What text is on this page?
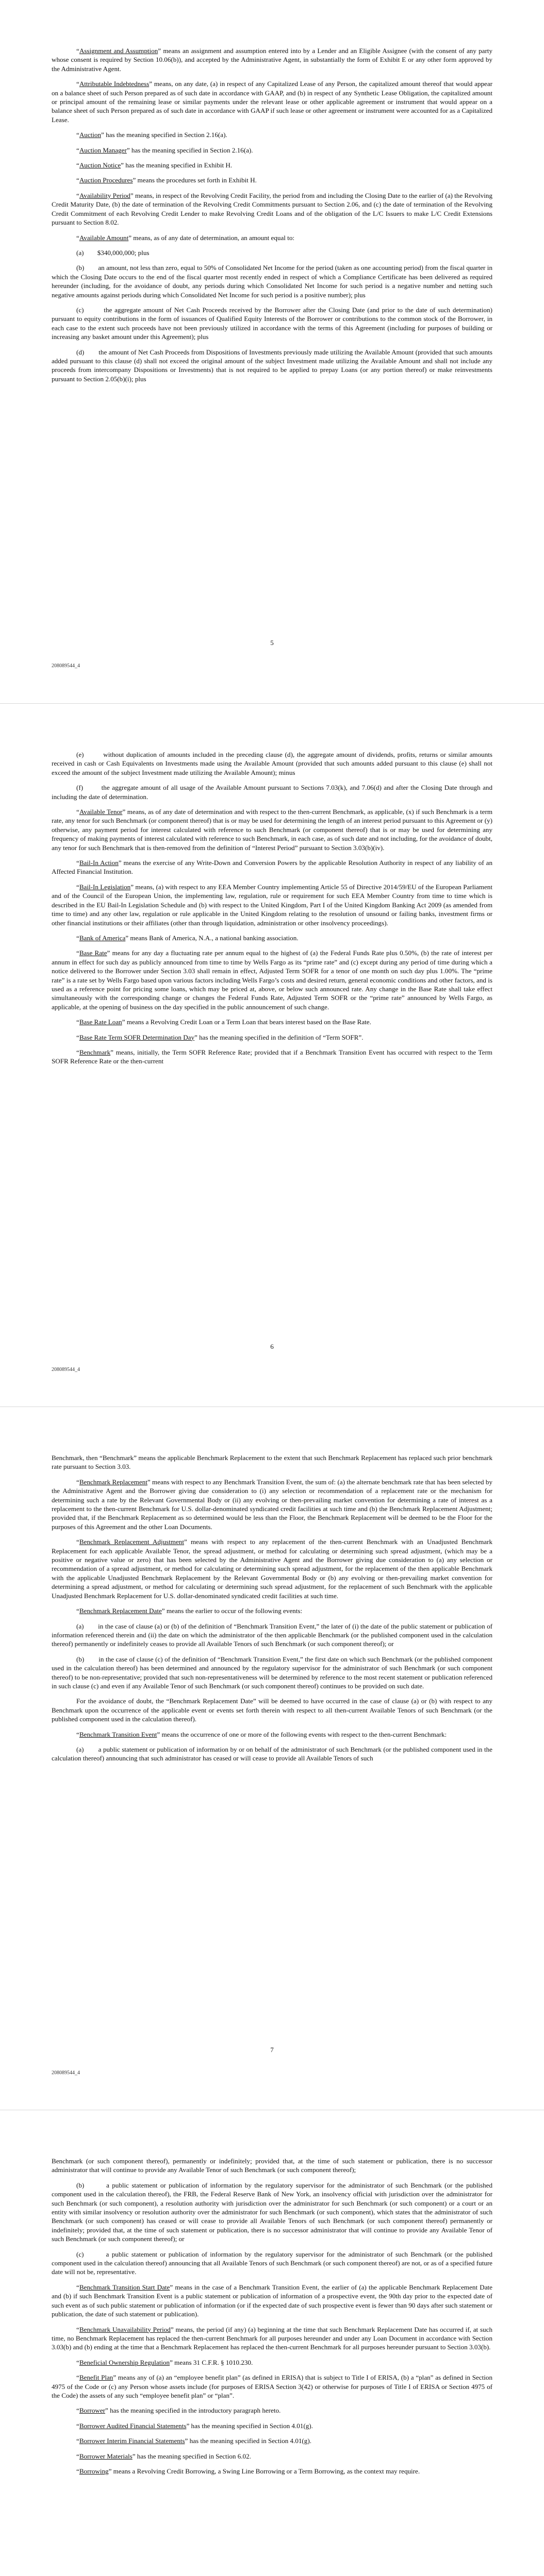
“Assignment and Assumption” means an assignment and assumption entered into by a Lender and an Eligible Assignee (with the consent of any party whose consent is required by Section 10.06(b)), and accepted by the Administrative Agent, in substantially the form of Exhibit E or any other form approved by the Administrative Agent.

“Attributable Indebtedness” means, on any date, (a) in respect of any Capitalized Lease of any Person, the capitalized amount thereof that would appear on a balance sheet of such Person prepared as of such date in accordance with GAAP, and (b) in respect of any Synthetic Lease Obligation, the capitalized amount or principal amount of the remaining lease or similar payments under the relevant lease or other applicable agreement or instrument that would appear on a balance sheet of such Person prepared as of such date in accordance with GAAP if such lease or other agreement or instrument were accounted for as a Capitalized Lease.

“Auction” has the meaning specified in Section 2.16(a).

“Auction Manager” has the meaning specified in Section 2.16(a).

“Auction Notice” has the meaning specified in Exhibit H.

“Auction Procedures” means the procedures set forth in Exhibit H.

“Availability Period” means, in respect of the Revolving Credit Facility, the period from and including the Closing Date to the earlier of (a) the Revolving Credit Maturity Date, (b) the date of termination of the Revolving Credit Commitments pursuant to Section 2.06, and (c) the date of termination of the Revolving Credit Commitment of each Revolving Credit Lender to make Revolving Credit Loans and of the obligation of the L/C Issuers to make L/C Credit Extensions pursuant to Section 8.02.

“Available Amount” means, as of any date of determination, an amount equal to:

(a)        $340,000,000; plus

(b)        an amount, not less than zero, equal to 50% of Consolidated Net Income for the period (taken as one accounting period) from the fiscal quarter in which the Closing Date occurs to the end of the fiscal quarter most recently ended in respect of which a Compliance Certificate has been delivered as required hereunder (including, for the avoidance of doubt, any periods during which Consolidated Net Income for such period is a negative number and netting such negative amounts against periods during which Consolidated Net Income for such period is a positive number); plus

(c)        the aggregate amount of Net Cash Proceeds received by the Borrower after the Closing Date (and prior to the date of such determination) pursuant to equity contributions in the form of issuances of Qualified Equity Interests of the Borrower or contributions to the common stock of the Borrower, in each case to the extent such proceeds have not been previously utilized in accordance with the terms of this Agreement (including for purposes of building or increasing any basket amount under this Agreement); plus

(d)        the amount of Net Cash Proceeds from Dispositions of Investments previously made utilizing the Available Amount (provided that such amounts added pursuant to this clause (d) shall not exceed the original amount of the subject Investment made utilizing the Available Amount and shall not include any proceeds from intercompany Dispositions or Investments) that is not required to be applied to prepay Loans (or any portion thereof) or make reinvestments pursuant to Section 2.05(b)(i); plus

5
208089544_4

(e)        without duplication of amounts included in the preceding clause (d), the aggregate amount of dividends, profits, returns or similar amounts received in cash or Cash Equivalents on Investments made using the Available Amount (provided that such amounts added pursuant to this clause (e) shall not exceed the amount of the subject Investment made utilizing the Available Amount); minus

(f)        the aggregate amount of all usage of the Available Amount pursuant to Sections 7.03(k), and 7.06(d) and after the Closing Date through and including the date of determination.

“Available Tenor” means, as of any date of determination and with respect to the then-current Benchmark, as applicable, (x) if such Benchmark is a term rate, any tenor for such Benchmark (or component thereof) that is or may be used for determining the length of an interest period pursuant to this Agreement or (y) otherwise, any payment period for interest calculated with reference to such Benchmark (or component thereof) that is or may be used for determining any frequency of making payments of interest calculated with reference to such Benchmark, in each case, as of such date and not including, for the avoidance of doubt, any tenor for such Benchmark that is then-removed from the definition of “Interest Period” pursuant to Section 3.03(b)(iv).

“Bail-In Action” means the exercise of any Write-Down and Conversion Powers by the applicable Resolution Authority in respect of any liability of an Affected Financial Institution.

“Bail-In Legislation” means, (a) with respect to any EEA Member Country implementing Article 55 of Directive 2014/59/EU of the European Parliament and of the Council of the European Union, the implementing law, regulation, rule or requirement for such EEA Member Country from time to time which is described in the EU Bail-In Legislation Schedule and (b) with respect to the United Kingdom, Part I of the United Kingdom Banking Act 2009 (as amended from time to time) and any other law, regulation or rule applicable in the United Kingdom relating to the resolution of unsound or failing banks, investment firms or other financial institutions or their affiliates (other than through liquidation, administration or other insolvency proceedings).

“Bank of America” means Bank of America, N.A., a national banking association.

“Base Rate” means for any day a fluctuating rate per annum equal to the highest of (a) the Federal Funds Rate plus 0.50%, (b) the rate of interest per annum in effect for such day as publicly announced from time to time by Wells Fargo as its “prime rate” and (c) except during any period of time during which a notice delivered to the Borrower under Section 3.03 shall remain in effect, Adjusted Term SOFR for a tenor of one month on such day plus 1.00%. The “prime rate” is a rate set by Wells Fargo based upon various factors including Wells Fargo’s costs and desired return, general economic conditions and other factors, and is used as a reference point for pricing some loans, which may be priced at, above, or below such announced rate. Any change in the Base Rate shall take effect simultaneously with the corresponding change or changes the Federal Funds Rate, Adjusted Term SOFR or the “prime rate” announced by Wells Fargo, as applicable, at the opening of business on the day specified in the public announcement of such change.

“Base Rate Loan” means a Revolving Credit Loan or a Term Loan that bears interest based on the Base Rate.

“Base Rate Term SOFR Determination Day” has the meaning specified in the definition of “Term SOFR”.

“Benchmark” means, initially, the Term SOFR Reference Rate; provided that if a Benchmark Transition Event has occurred with respect to the Term SOFR Reference Rate or the then-current

6
208089544_4

Benchmark, then “Benchmark” means the applicable Benchmark Replacement to the extent that such Benchmark Replacement has replaced such prior benchmark rate pursuant to Section 3.03.

“Benchmark Replacement” means with respect to any Benchmark Transition Event, the sum of: (a) the alternate benchmark rate that has been selected by the Administrative Agent and the Borrower giving due consideration to (i) any selection or recommendation of a replacement rate or the mechanism for determining such a rate by the Relevant Governmental Body or (ii) any evolving or then-prevailing market convention for determining a rate of interest as a replacement to the then-current Benchmark for U.S. dollar-denominated syndicated credit facilities at such time and (b) the Benchmark Replacement Adjustment; provided that, if the Benchmark Replacement as so determined would be less than the Floor, the Benchmark Replacement will be deemed to be the Floor for the purposes of this Agreement and the other Loan Documents.

“Benchmark Replacement Adjustment” means with respect to any replacement of the then-current Benchmark with an Unadjusted Benchmark Replacement for each applicable Available Tenor, the spread adjustment, or method for calculating or determining such spread adjustment, (which may be a positive or negative value or zero) that has been selected by the Administrative Agent and the Borrower giving due consideration to (a) any selection or recommendation of a spread adjustment, or method for calculating or determining such spread adjustment, for the replacement of the then applicable Benchmark with the applicable Unadjusted Benchmark Replacement by the Relevant Governmental Body or (b) any evolving or then-prevailing market convention for determining a spread adjustment, or method for calculating or determining such spread adjustment, for the replacement of such Benchmark with the applicable Unadjusted Benchmark Replacement for U.S. dollar-denominated syndicated credit facilities at such time.

“Benchmark Replacement Date” means the earlier to occur of the following events:

(a)        in the case of clause (a) or (b) of the definition of “Benchmark Transition Event,” the later of (i) the date of the public statement or publication of information referenced therein and (ii) the date on which the administrator of the then applicable Benchmark (or the published component used in the calculation thereof) permanently or indefinitely ceases to provide all Available Tenors of such Benchmark (or such component thereof); or

(b)        in the case of clause (c) of the definition of “Benchmark Transition Event,” the first date on which such Benchmark (or the published component used in the calculation thereof) has been determined and announced by the regulatory supervisor for the administrator of such Benchmark (or such component thereof) to be non-representative; provided that such non-representativeness will be determined by reference to the most recent statement or publication referenced in such clause (c) and even if any Available Tenor of such Benchmark (or such component thereof) continues to be provided on such date.

For the avoidance of doubt, the “Benchmark Replacement Date” will be deemed to have occurred in the case of clause (a) or (b) with respect to any Benchmark upon the occurrence of the applicable event or events set forth therein with respect to all then-current Available Tenors of such Benchmark (or the published component used in the calculation thereof).

“Benchmark Transition Event” means the occurrence of one or more of the following events with respect to the then-current Benchmark:

(a)        a public statement or publication of information by or on behalf of the administrator of such Benchmark (or the published component used in the calculation thereof) announcing that such administrator has ceased or will cease to provide all Available Tenors of such

7
208089544_4

Benchmark (or such component thereof), permanently or indefinitely; provided that, at the time of such statement or publication, there is no successor administrator that will continue to provide any Available Tenor of such Benchmark (or such component thereof);

(b)        a public statement or publication of information by the regulatory supervisor for the administrator of such Benchmark (or the published component used in the calculation thereof), the FRB, the Federal Reserve Bank of New York, an insolvency official with jurisdiction over the administrator for such Benchmark (or such component), a resolution authority with jurisdiction over the administrator for such Benchmark (or such component) or a court or an entity with similar insolvency or resolution authority over the administrator for such Benchmark (or such component), which states that the administrator of such Benchmark (or such component) has ceased or will cease to provide all Available Tenors of such Benchmark (or such component thereof) permanently or indefinitely; provided that, at the time of such statement or publication, there is no successor administrator that will continue to provide any Available Tenor of such Benchmark (or such component thereof); or

(c)        a public statement or publication of information by the regulatory supervisor for the administrator of such Benchmark (or the published component used in the calculation thereof) announcing that all Available Tenors of such Benchmark (or such component thereof) are not, or as of a specified future date will not be, representative.

“Benchmark Transition Start Date” means in the case of a Benchmark Transition Event, the earlier of (a) the applicable Benchmark Replacement Date and (b) if such Benchmark Transition Event is a public statement or publication of information of a prospective event, the 90th day prior to the expected date of such event as of such public statement or publication of information (or if the expected date of such prospective event is fewer than 90 days after such statement or publication, the date of such statement or publication).

“Benchmark Unavailability Period” means, the period (if any) (a) beginning at the time that such Benchmark Replacement Date has occurred if, at such time, no Benchmark Replacement has replaced the then-current Benchmark for all purposes hereunder and under any Loan Document in accordance with Section 3.03(b) and (b) ending at the time that a Benchmark Replacement has replaced the then-current Benchmark for all purposes hereunder pursuant to Section 3.03(b).

“Beneficial Ownership Regulation” means 31 C.F.R. § 1010.230.

“Benefit Plan” means any of (a) an “employee benefit plan” (as defined in ERISA) that is subject to Title I of ERISA, (b) a “plan” as defined in Section 4975 of the Code or (c) any Person whose assets include (for purposes of ERISA Section 3(42) or otherwise for purposes of Title I of ERISA or Section 4975 of the Code) the assets of any such “employee benefit plan” or “plan”.

“Borrower” has the meaning specified in the introductory paragraph hereto.

“Borrower Audited Financial Statements” has the meaning specified in Section 4.01(g).

“Borrower Interim Financial Statements” has the meaning specified in Section 4.01(g).

“Borrower Materials” has the meaning specified in Section 6.02.

“Borrowing” means a Revolving Credit Borrowing, a Swing Line Borrowing or a Term Borrowing, as the context may require.
